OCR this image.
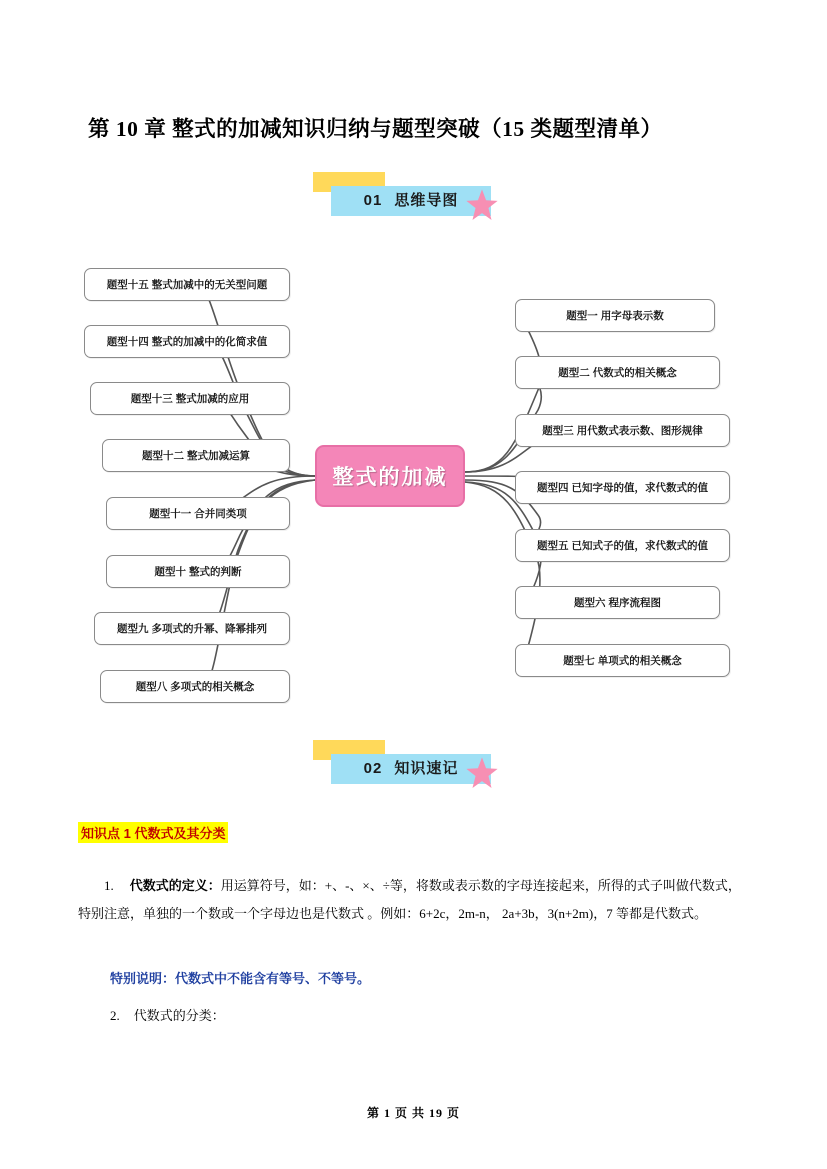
第 10 章 整式的加减知识归纳与题型突破（15 类题型清单）
01 思维导图
整式的加减
题型十五 整式加减中的无关型问题
题型十四 整式的加减中的化简求值
题型十三 整式加减的应用
题型十二 整式加减运算
题型十一 合并同类项
题型十 整式的判断
题型九 多项式的升幂、降幂排列
题型八 多项式的相关概念
题型一 用字母表示数
题型二 代数式的相关概念
题型三 用代数式表示数、图形规律
题型四 已知字母的值，求代数式的值
题型五 已知式子的值，求代数式的值
题型六 程序流程图
题型七 单项式的相关概念
02 知识速记
知识点 1 代数式及其分类
1. 代数式的定义：用运算符号，如：+、-、×、÷等，将数或表示数的字母连接起来，所得的式子叫做代数式，特别注意，单独的一个数或一个字母边也是代数式 。例如：6+2c，2m-n， 2a+3b，3(n+2m)，7 等都是代数式。
特别说明：代数式中不能含有等号、不等号。
2. 代数式的分类：
第 1 页 共 19 页
